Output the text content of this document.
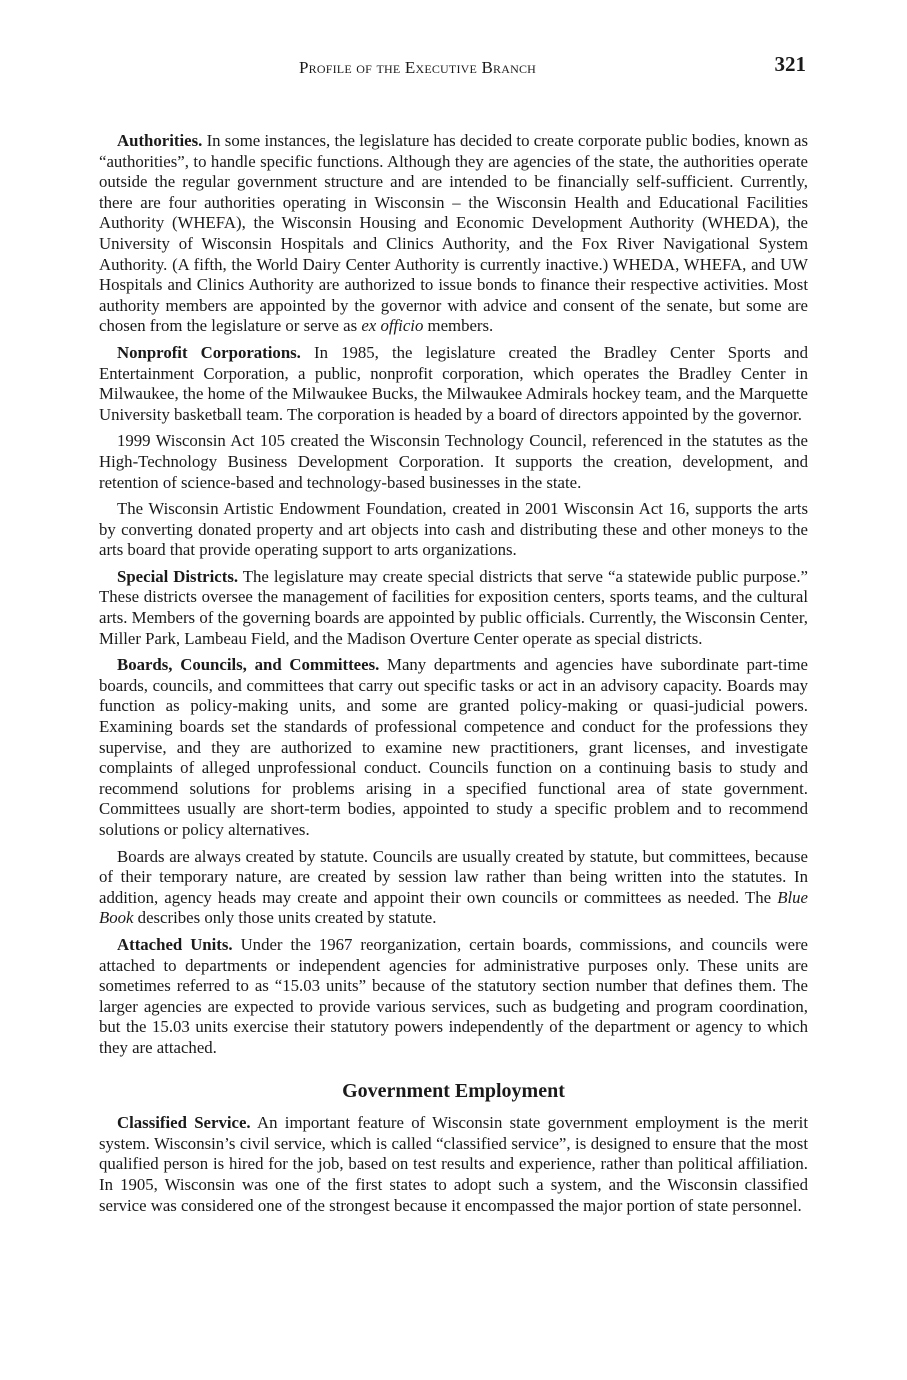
Profile of the Executive Branch	321

Authorities. In some instances, the legislature has decided to create corporate public bodies, known as “authorities”, to handle specific functions. Although they are agencies of the state, the authorities operate outside the regular government structure and are intended to be financially self-sufficient. Currently, there are four authorities operating in Wisconsin – the Wisconsin Health and Educational Facilities Authority (WHEFA), the Wisconsin Housing and Economic Development Authority (WHEDA), the University of Wisconsin Hospitals and Clinics Authority, and the Fox River Navigational System Authority. (A fifth, the World Dairy Center Authority is currently inactive.) WHEDA, WHEFA, and UW Hospitals and Clinics Authority are authorized to issue bonds to finance their respective activities. Most authority members are appointed by the governor with advice and consent of the senate, but some are chosen from the legislature or serve as ex officio members.

Nonprofit Corporations. In 1985, the legislature created the Bradley Center Sports and Entertainment Corporation, a public, nonprofit corporation, which operates the Bradley Center in Milwaukee, the home of the Milwaukee Bucks, the Milwaukee Admirals hockey team, and the Marquette University basketball team. The corporation is headed by a board of directors appointed by the governor.

1999 Wisconsin Act 105 created the Wisconsin Technology Council, referenced in the statutes as the High-Technology Business Development Corporation. It supports the creation, development, and retention of science-based and technology-based businesses in the state.

The Wisconsin Artistic Endowment Foundation, created in 2001 Wisconsin Act 16, supports the arts by converting donated property and art objects into cash and distributing these and other moneys to the arts board that provide operating support to arts organizations.

Special Districts. The legislature may create special districts that serve “a statewide public purpose.” These districts oversee the management of facilities for exposition centers, sports teams, and the cultural arts. Members of the governing boards are appointed by public officials. Currently, the Wisconsin Center, Miller Park, Lambeau Field, and the Madison Overture Center operate as special districts.

Boards, Councils, and Committees. Many departments and agencies have subordinate part-time boards, councils, and committees that carry out specific tasks or act in an advisory capacity. Boards may function as policy-making units, and some are granted policy-making or quasi-judicial powers. Examining boards set the standards of professional competence and conduct for the professions they supervise, and they are authorized to examine new practitioners, grant licenses, and investigate complaints of alleged unprofessional conduct. Councils function on a continuing basis to study and recommend solutions for problems arising in a specified functional area of state government. Committees usually are short-term bodies, appointed to study a specific problem and to recommend solutions or policy alternatives.

Boards are always created by statute. Councils are usually created by statute, but committees, because of their temporary nature, are created by session law rather than being written into the statutes. In addition, agency heads may create and appoint their own councils or committees as needed. The Blue Book describes only those units created by statute.

Attached Units. Under the 1967 reorganization, certain boards, commissions, and councils were attached to departments or independent agencies for administrative purposes only. These units are sometimes referred to as “15.03 units” because of the statutory section number that defines them. The larger agencies are expected to provide various services, such as budgeting and program coordination, but the 15.03 units exercise their statutory powers independently of the department or agency to which they are attached.

Government Employment

Classified Service. An important feature of Wisconsin state government employment is the merit system. Wisconsin’s civil service, which is called “classified service”, is designed to ensure that the most qualified person is hired for the job, based on test results and experience, rather than political affiliation. In 1905, Wisconsin was one of the first states to adopt such a system, and the Wisconsin classified service was considered one of the strongest because it encompassed the major portion of state personnel.
